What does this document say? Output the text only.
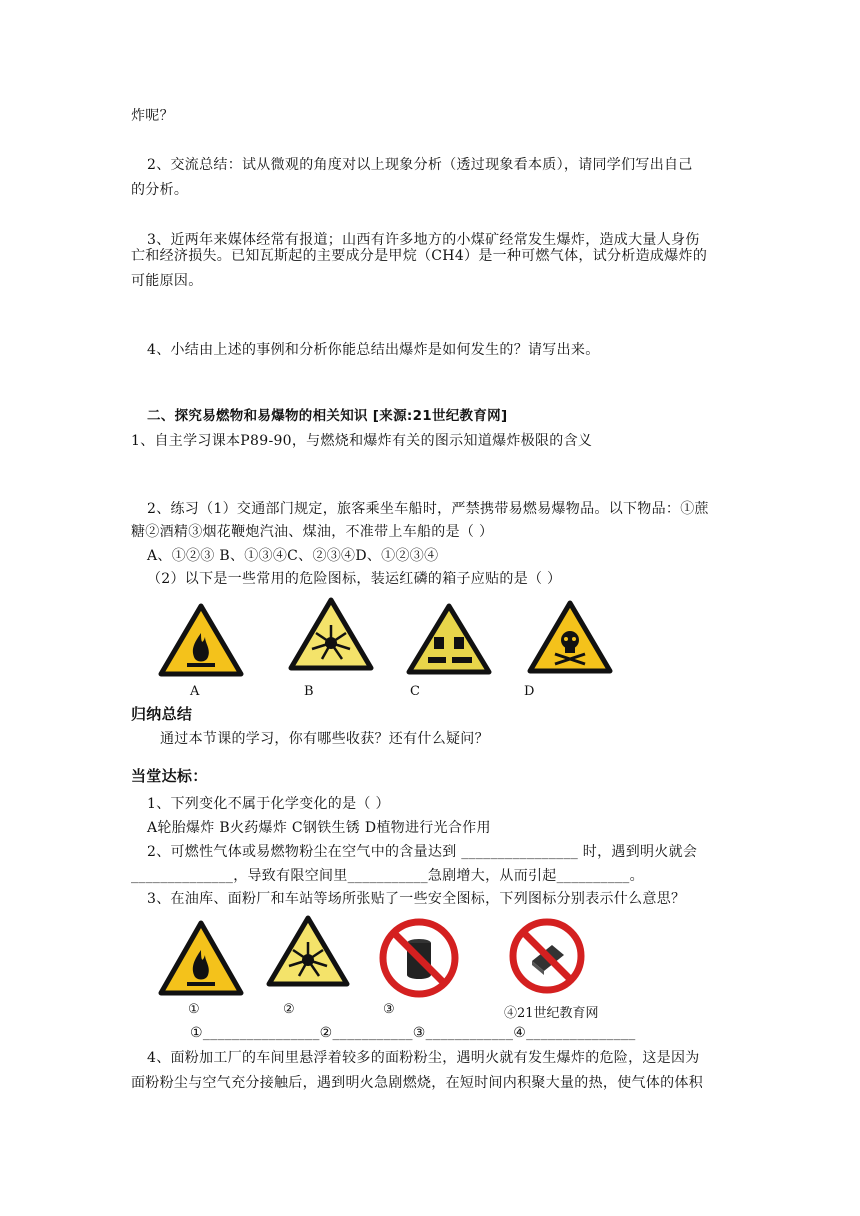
炸呢？
2、交流总结：试从微观的角度对以上现象分析（透过现象看本质），请同学们写出自己
的分析。
3、近两年来媒体经常有报道；山西有许多地方的小煤矿经常发生爆炸，造成大量人身伤
亡和经济损失。已知瓦斯起的主要成分是甲烷（CH4）是一种可燃气体，试分析造成爆炸的
可能原因。
4、小结由上述的事例和分析你能总结出爆炸是如何发生的？请写出来。
二、探究易燃物和易爆物的相关知识 [来源:21世纪教育网]
1、自主学习课本P89-90，与燃烧和爆炸有关的图示知道爆炸极限的含义
2、练习（1）交通部门规定，旅客乘坐车船时，严禁携带易燃易爆物品。以下物品：①蔗
糖②酒精③烟花鞭炮汽油、煤油，不准带上车船的是（ ）
A、①②③ B、①③④C、②③④D、①②③④
（2）以下是一些常用的危险图标，装运红磷的箱子应贴的是（ ）
A	B	C	D
归纳总结
通过本节课的学习，你有哪些收获？还有什么疑问？
当堂达标：
1、下列变化不属于化学变化的是（ ）
A轮胎爆炸 B火药爆炸 C钢铁生锈 D植物进行光合作用
2、可燃性气体或易燃物粉尘在空气中的含量达到 ________________ 时，遇到明火就会
______________，导致有限空间里___________急剧增大，从而引起__________。
3、在油库、面粉厂和车站等场所张贴了一些安全图标，下列图标分别表示什么意思？
①	②	③	④21世纪教育网
①________________②___________③____________④_______________
4、面粉加工厂的车间里悬浮着较多的面粉粉尘，遇明火就有发生爆炸的危险，这是因为
面粉粉尘与空气充分接触后，遇到明火急剧燃烧，在短时间内积聚大量的热，使气体的体积
